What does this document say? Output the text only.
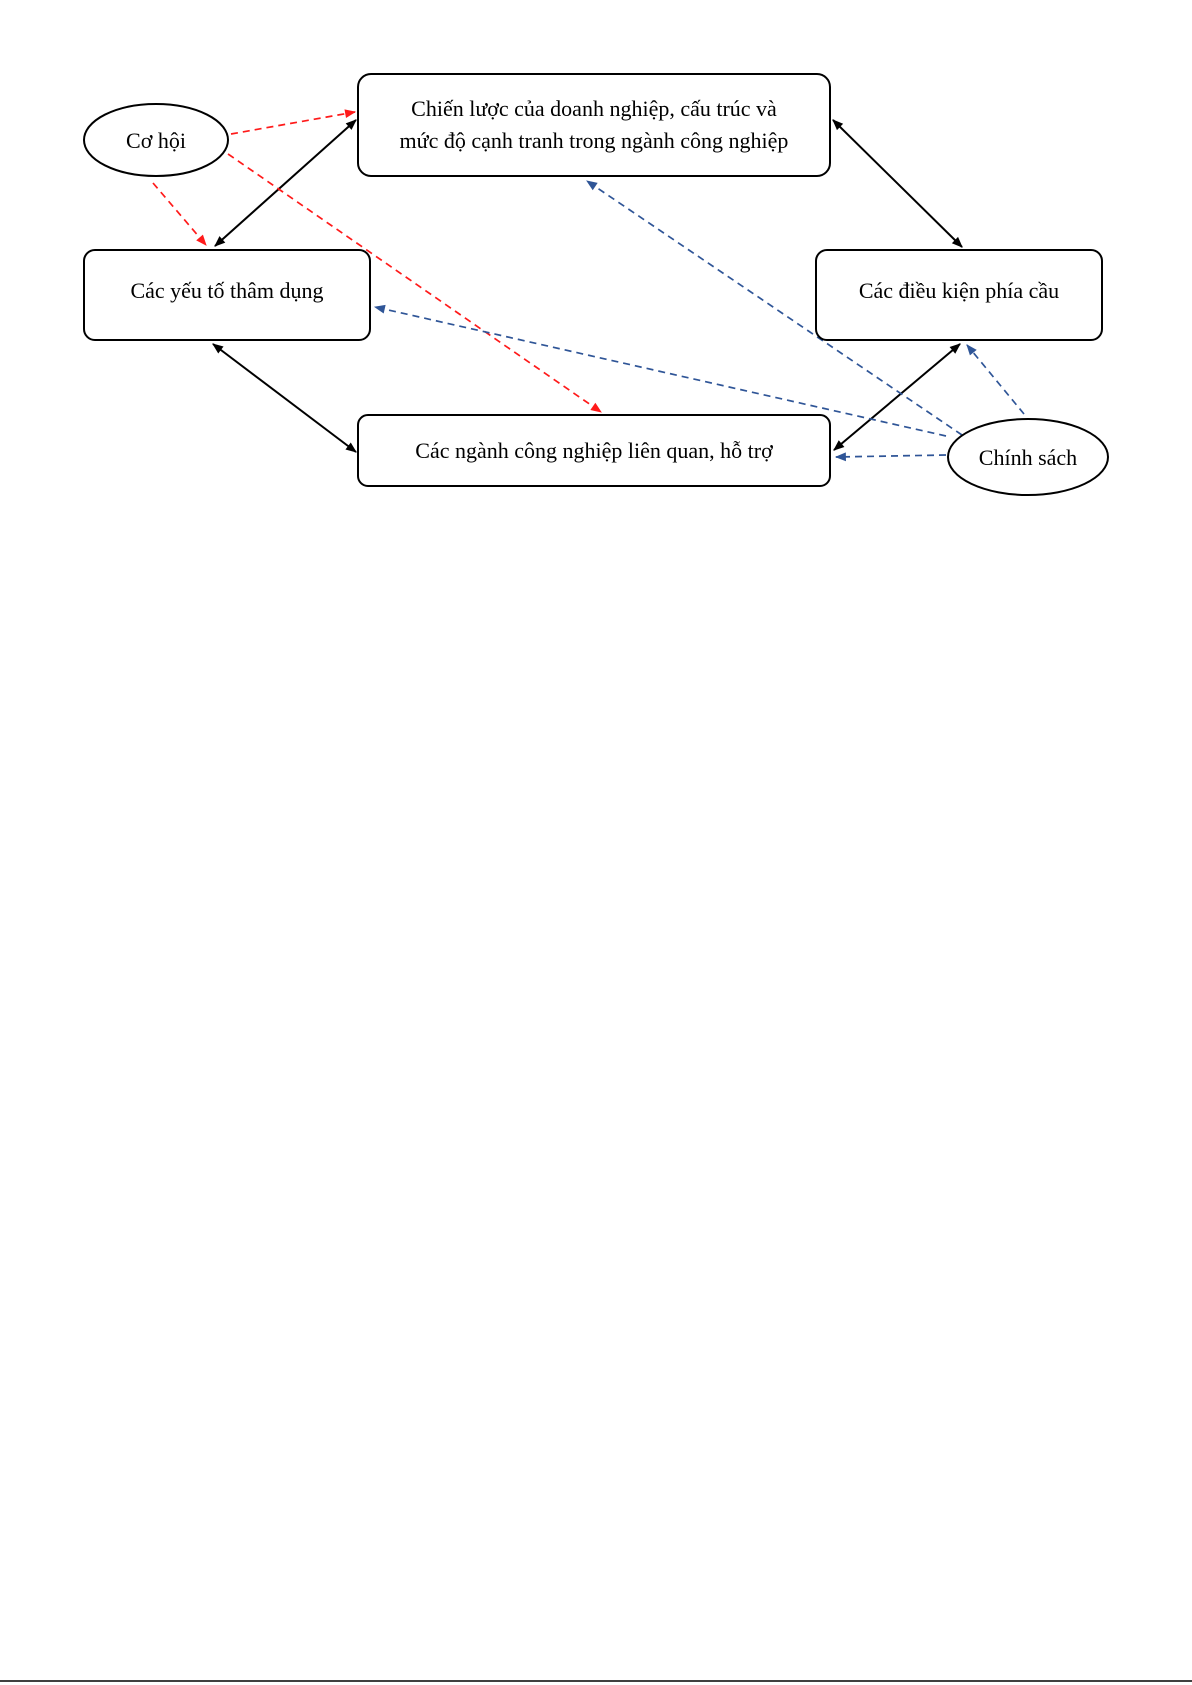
Chiến lược của doanh nghiệp, cấu trúc và
mức độ cạnh tranh trong ngành công nghiệp
Cơ hội
Các yếu tố thâm dụng	Các điều kiện phía cầu
Các ngành công nghiệp liên quan, hỗ trợ	Chính sách
